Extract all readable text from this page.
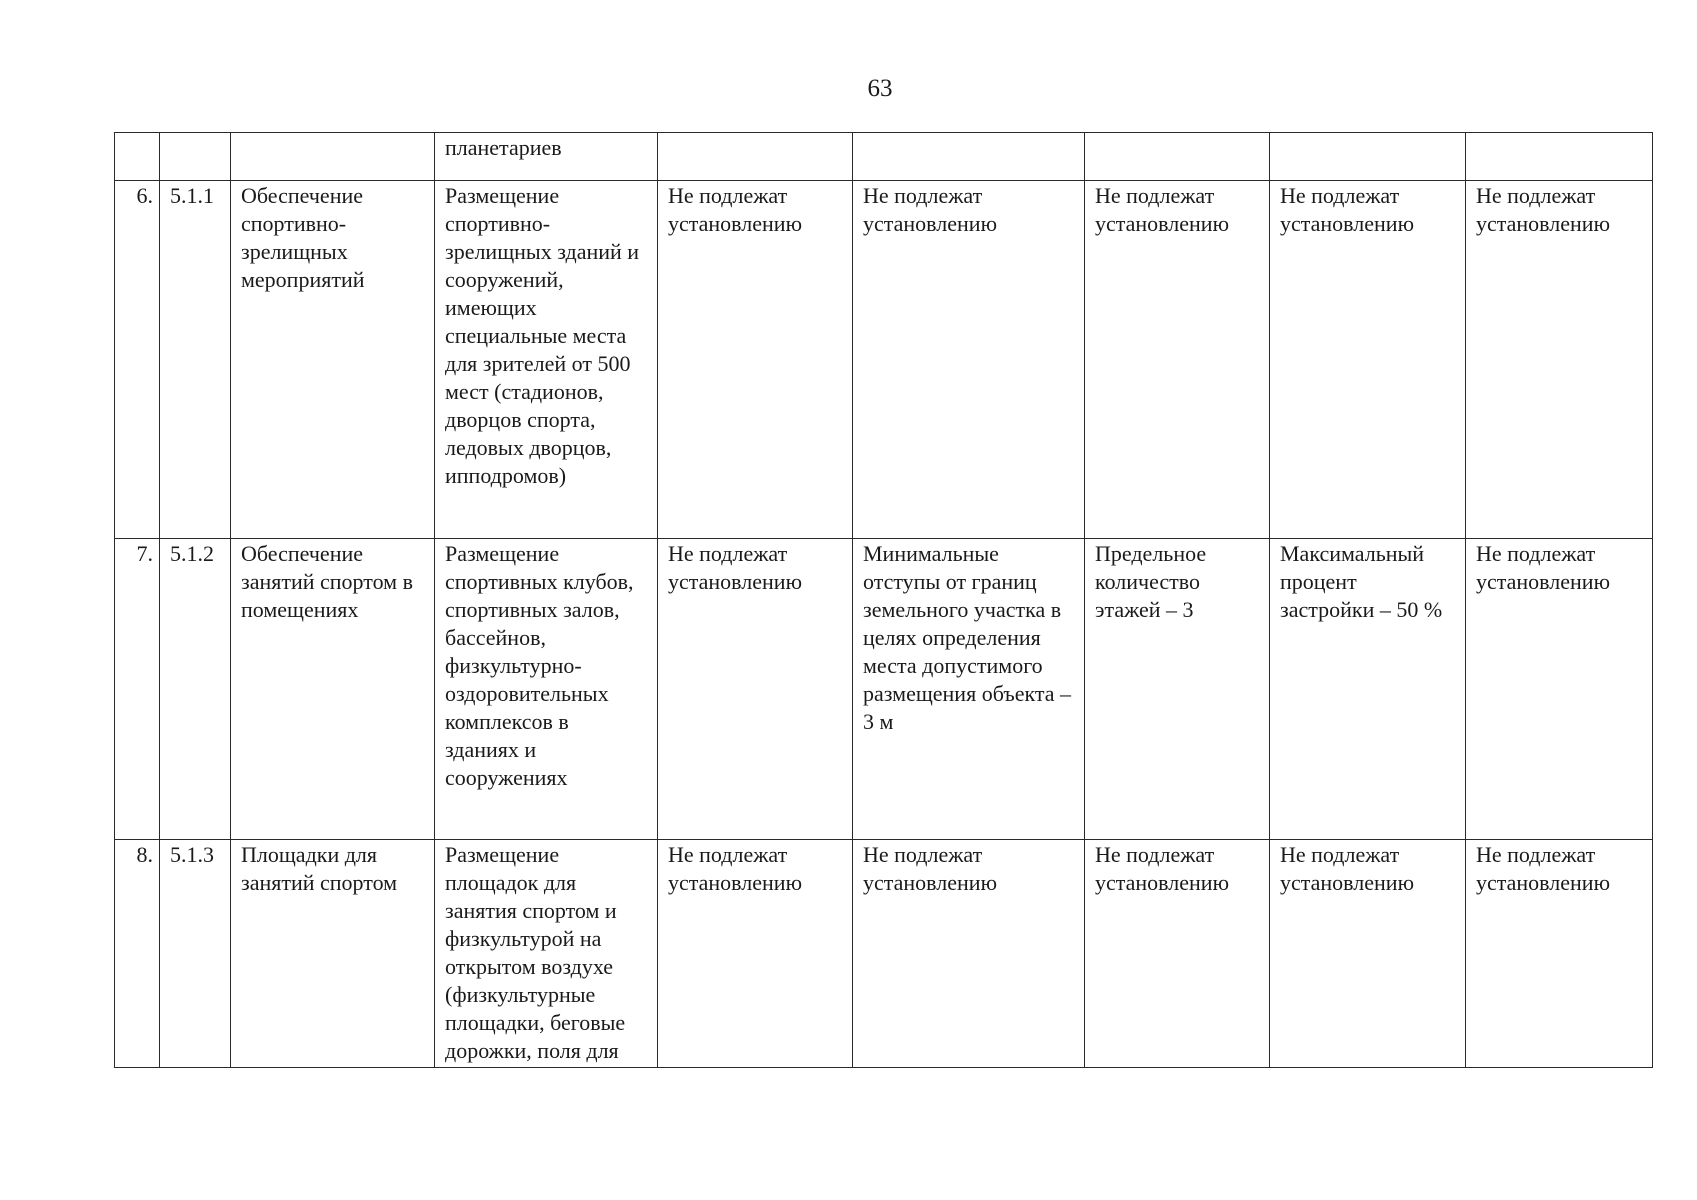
63
			планетариев					
6.	5.1.1	Обеспечение спортивно-зрелищных мероприятий	Размещение спортивно-зрелищных зданий и сооружений, имеющих специальные места для зрителей от 500 мест (стадионов, дворцов спорта, ледовых дворцов, ипподромов)	Не подлежат установлению	Не подлежат установлению	Не подлежат установлению	Не подлежат установлению	Не подлежат установлению
7.	5.1.2	Обеспечение занятий спортом в помещениях	Размещение спортивных клубов, спортивных залов, бассейнов, физкультурно-оздоровительных комплексов в зданиях и сооружениях	Не подлежат установлению	Минимальные отступы от границ земельного участка в целях определения места допустимого размещения объекта – 3 м	Предельное количество этажей – 3	Максимальный процент застройки – 50 %	Не подлежат установлению
8.	5.1.3	Площадки для занятий спортом	Размещение площадок для занятия спортом и физкультурой на открытом воздухе (физкультурные площадки, беговые дорожки, поля для	Не подлежат установлению	Не подлежат установлению	Не подлежат установлению	Не подлежат установлению	Не подлежат установлению
